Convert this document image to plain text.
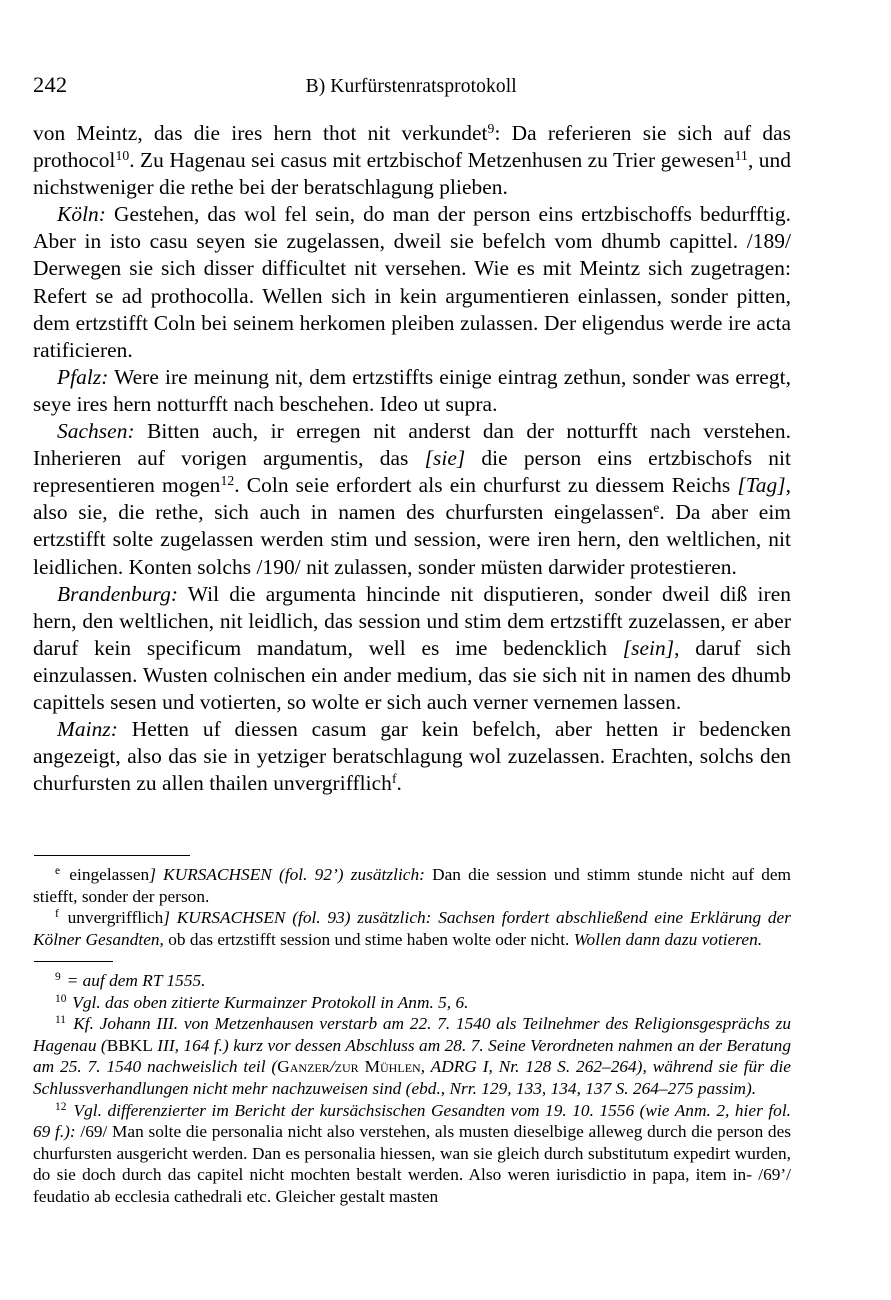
242	B) Kurfürstenratsprotokoll

von Meintz, das die ires hern thot nit verkundet$^9$: Da referieren sie sich auf das prothocol$^{10}$. Zu Hagenau sei casus mit ertzbischof Metzenhusen zu Trier gewesen$^{11}$, und nichstweniger die rethe bei der beratschlagung plieben.

Köln: Gestehen, das wol fel sein, do man der person eins ertzbischoffs bedurfftig. Aber in isto casu seyen sie zugelassen, dweil sie befelch vom dhumb capittel. /189/ Derwegen sie sich disser difficultet nit versehen. Wie es mit Meintz sich zugetragen: Refert se ad prothocolla. Wellen sich in kein argumentieren einlassen, sonder pitten, dem ertzstifft Coln bei seinem herkomen pleiben zulassen. Der eligendus werde ire acta ratificieren.

Pfalz: Were ire meinung nit, dem ertzstiffts einige eintrag zethun, sonder was erregt, seye ires hern notturfft nach beschehen. Ideo ut supra.

Sachsen: Bitten auch, ir erregen nit anderst dan der notturfft nach verstehen. Inherieren auf vorigen argumentis, das [sie] die person eins ertzbischofs nit representieren mogen$^{12}$. Coln seie erfordert als ein churfurst zu diessem Reichs [Tag], also sie, die rethe, sich auch in namen des churfursten eingelassen$^e$. Da aber eim ertzstifft solte zugelassen werden stim und session, were iren hern, den weltlichen, nit leidlichen. Konten solchs /190/ nit zulassen, sonder müsten darwider protestieren.

Brandenburg: Wil die argumenta hincinde nit disputieren, sonder dweil diß iren hern, den weltlichen, nit leidlich, das session und stim dem ertzstifft zuzelassen, er aber daruf kein specificum mandatum, well es ime bedencklich [sein], daruf sich einzulassen. Wusten colnischen ein ander medium, das sie sich nit in namen des dhumb capittels sesen und votierten, so wolte er sich auch verner vernemen lassen.

Mainz: Hetten uf diessen casum gar kein befelch, aber hetten ir bedencken angezeigt, also das sie in yetziger beratschlagung wol zuzelassen. Erachten, solchs den churfursten zu allen thailen unvergrifflich$^f$.

$^e$ eingelassen] KURSACHSEN (fol. 92’) zusätzlich: Dan die session und stimm stunde nicht auf dem stiefft, sonder der person.

$^f$ unvergrifflich] KURSACHSEN (fol. 93) zusätzlich: Sachsen fordert abschließend eine Erklärung der Kölner Gesandten, ob das ertzstifft session und stime haben wolte oder nicht. Wollen dann dazu votieren.

$^9$ = auf dem RT 1555.

$^{10}$ Vgl. das oben zitierte Kurmainzer Protokoll in Anm. 5, 6.

$^{11}$ Kf. Johann III. von Metzenhausen verstarb am 22. 7. 1540 als Teilnehmer des Religionsgesprächs zu Hagenau (BBKL III, 164 f.) kurz vor dessen Abschluss am 28. 7. Seine Verordneten nahmen an der Beratung am 25. 7. 1540 nachweislich teil (Ganzer/zur Mühlen, ADRG I, Nr. 128 S. 262–264), während sie für die Schlussverhandlungen nicht mehr nachzuweisen sind (ebd., Nrr. 129, 133, 134, 137 S. 264–275 passim).

$^{12}$ Vgl. differenzierter im Bericht der kursächsischen Gesandten vom 19. 10. 1556 (wie Anm. 2, hier fol. 69 f.): /69/ Man solte die personalia nicht also verstehen, als musten dieselbige alleweg durch die person des churfursten ausgericht werden. Dan es personalia hiessen, wan sie gleich durch substitutum expedirt wurden, do sie doch durch das capitel nicht mochten bestalt werden. Also weren iurisdictio in papa, item in- /69’/ feudatio ab ecclesia cathedrali etc. Gleicher gestalt masten
